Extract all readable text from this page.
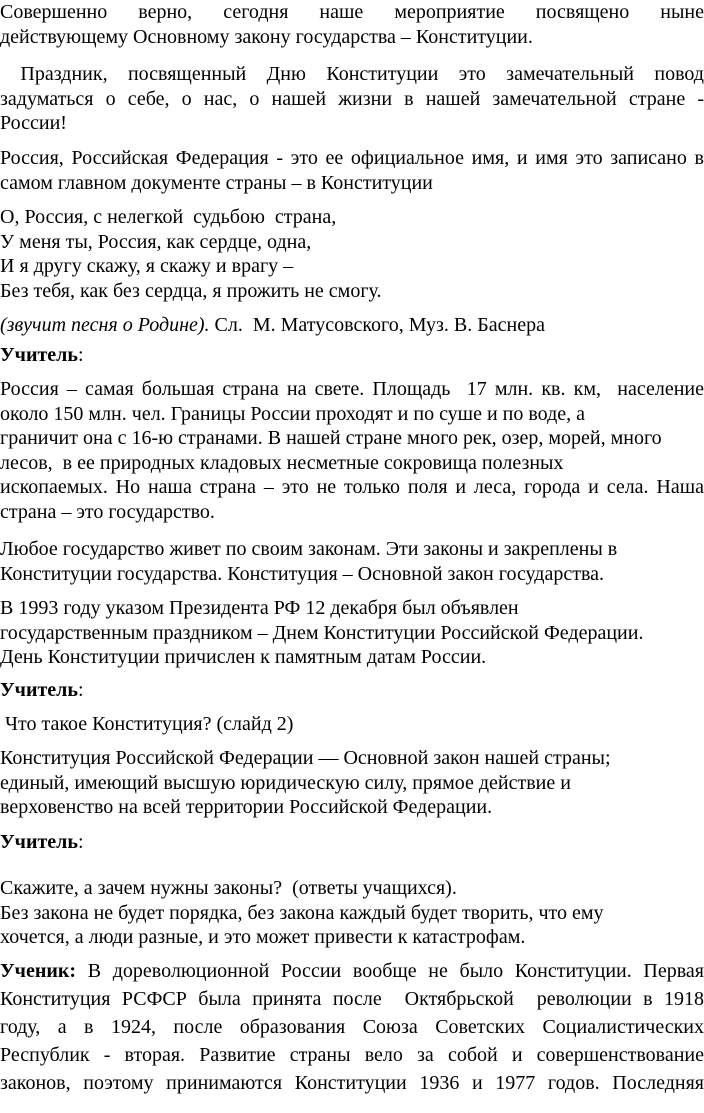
Совершенно верно, сегодня наше мероприятие посвящено ныне
действующему Основному закону государства – Конституции.
Праздник, посвященный Дню Конституции это замечательный повод
задуматься о себе, о нас, о нашей жизни в нашей замечательной стране -
России!
Россия, Российская Федерация - это ее официальное имя, и имя это записано в
самом главном документе страны – в Конституции
О, Россия, с нелегкой  судьбою  страна,
У меня ты, Россия, как сердце, одна,
И я другу скажу, я скажу и врагу –
Без тебя, как без сердца, я прожить не смогу.
(звучит песня о Родине). Сл.  М. Матусовского, Муз. В. Баснера
Учитель:
Россия – самая большая страна на свете. Площадь  17 млн. кв. км,  население
около 150 млн. чел. Границы России проходят и по суше и по воде, а
граничит она с 16-ю странами. В нашей стране много рек, озер, морей, много
лесов,  в ее природных кладовых несметные сокровища полезных
ископаемых. Но наша страна – это не только поля и леса, города и села. Наша
страна – это государство.
Любое государство живет по своим законам. Эти законы и закреплены в
Конституции государства. Конституция – Основной закон государства.
В 1993 году указом Президента РФ 12 декабря был объявлен
государственным праздником – Днем Конституции Российской Федерации.
День Конституции причислен к памятным датам России.
Учитель:
Что такое Конституция? (слайд 2)
Конституция Российской Федерации — Основной закон нашей страны;
единый, имеющий высшую юридическую силу, прямое действие и
верховенство на всей территории Российской Федерации.
Учитель:
Скажите, а зачем нужны законы?  (ответы учащихся).
Без закона не будет порядка, без закона каждый будет творить, что ему
хочется, а люди разные, и это может привести к катастрофам.
Ученик: В дореволюционной России вообще не было Конституции. Первая
Конституция РСФСР была принята после  Октябрьской  революции в 1918
году, а в 1924, после образования Союза Советских Социалистических
Республик - вторая. Развитие страны вело за собой и совершенствование
законов, поэтому принимаются Конституции 1936 и 1977 годов. Последняя
